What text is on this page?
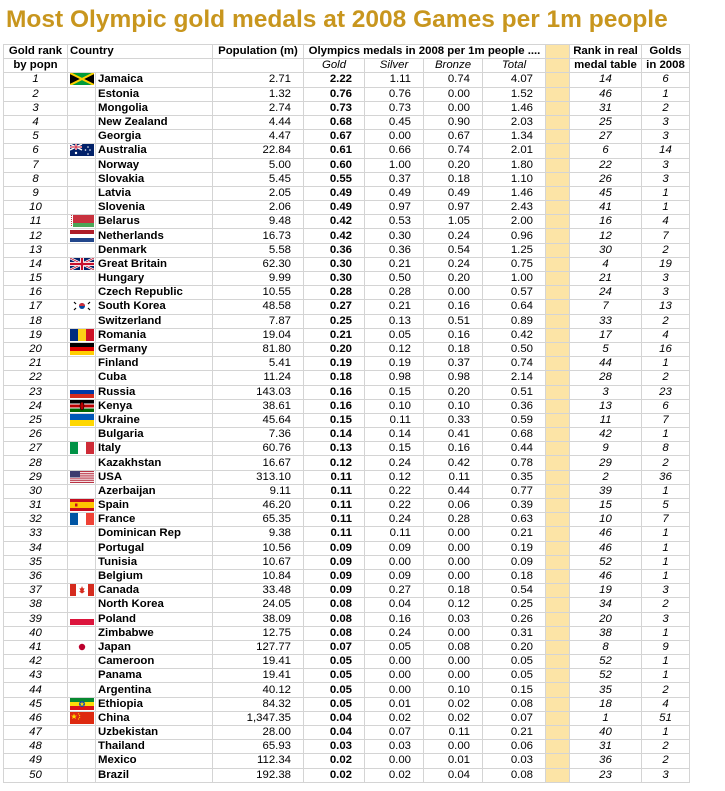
Most Olympic gold medals at 2008 Games per 1m people
Gold rank	Country		Population (m)	Olympics medals in 2008 per 1m people ....					Rank in real	Golds
by popn				Gold	Silver	Bronze	Total		medal table	in 2008
1		Jamaica	2.71	2.22	1.11	0.74	4.07		14	6
2		Estonia	1.32	0.76	0.76	0.00	1.52		46	1
3		Mongolia	2.74	0.73	0.73	0.00	1.46		31	2
4		New Zealand	4.44	0.68	0.45	0.90	2.03		25	3
5		Georgia	4.47	0.67	0.00	0.67	1.34		27	3
6		Australia	22.84	0.61	0.66	0.74	2.01		6	14
7		Norway	5.00	0.60	1.00	0.20	1.80		22	3
8		Slovakia	5.45	0.55	0.37	0.18	1.10		26	3
9		Latvia	2.05	0.49	0.49	0.49	1.46		45	1
10		Slovenia	2.06	0.49	0.97	0.97	2.43		41	1
11		Belarus	9.48	0.42	0.53	1.05	2.00		16	4
12		Netherlands	16.73	0.42	0.30	0.24	0.96		12	7
13		Denmark	5.58	0.36	0.36	0.54	1.25		30	2
14		Great Britain	62.30	0.30	0.21	0.24	0.75		4	19
15		Hungary	9.99	0.30	0.50	0.20	1.00		21	3
16		Czech Republic	10.55	0.28	0.28	0.00	0.57		24	3
17		South Korea	48.58	0.27	0.21	0.16	0.64		7	13
18		Switzerland	7.87	0.25	0.13	0.51	0.89		33	2
19		Romania	19.04	0.21	0.05	0.16	0.42		17	4
20		Germany	81.80	0.20	0.12	0.18	0.50		5	16
21		Finland	5.41	0.19	0.19	0.37	0.74		44	1
22		Cuba	11.24	0.18	0.98	0.98	2.14		28	2
23		Russia	143.03	0.16	0.15	0.20	0.51		3	23
24		Kenya	38.61	0.16	0.10	0.10	0.36		13	6
25		Ukraine	45.64	0.15	0.11	0.33	0.59		11	7
26		Bulgaria	7.36	0.14	0.14	0.41	0.68		42	1
27		Italy	60.76	0.13	0.15	0.16	0.44		9	8
28		Kazakhstan	16.67	0.12	0.24	0.42	0.78		29	2
29		USA	313.10	0.11	0.12	0.11	0.35		2	36
30		Azerbaijan	9.11	0.11	0.22	0.44	0.77		39	1
31		Spain	46.20	0.11	0.22	0.06	0.39		15	5
32		France	65.35	0.11	0.24	0.28	0.63		10	7
33		Dominican Rep	9.38	0.11	0.11	0.00	0.21		46	1
34		Portugal	10.56	0.09	0.09	0.00	0.19		46	1
35		Tunisia	10.67	0.09	0.00	0.00	0.09		52	1
36		Belgium	10.84	0.09	0.09	0.00	0.18		46	1
37		Canada	33.48	0.09	0.27	0.18	0.54		19	3
38		North Korea	24.05	0.08	0.04	0.12	0.25		34	2
39		Poland	38.09	0.08	0.16	0.03	0.26		20	3
40		Zimbabwe	12.75	0.08	0.24	0.00	0.31		38	1
41		Japan	127.77	0.07	0.05	0.08	0.20		8	9
42		Cameroon	19.41	0.05	0.00	0.00	0.05		52	1
43		Panama	19.41	0.05	0.00	0.00	0.05		52	1
44		Argentina	40.12	0.05	0.00	0.10	0.15		35	2
45		Ethiopia	84.32	0.05	0.01	0.02	0.08		18	4
46		China	1,347.35	0.04	0.02	0.02	0.07		1	51
47		Uzbekistan	28.00	0.04	0.07	0.11	0.21		40	1
48		Thailand	65.93	0.03	0.03	0.00	0.06		31	2
49		Mexico	112.34	0.02	0.00	0.01	0.03		36	2
50		Brazil	192.38	0.02	0.02	0.04	0.08		23	3
